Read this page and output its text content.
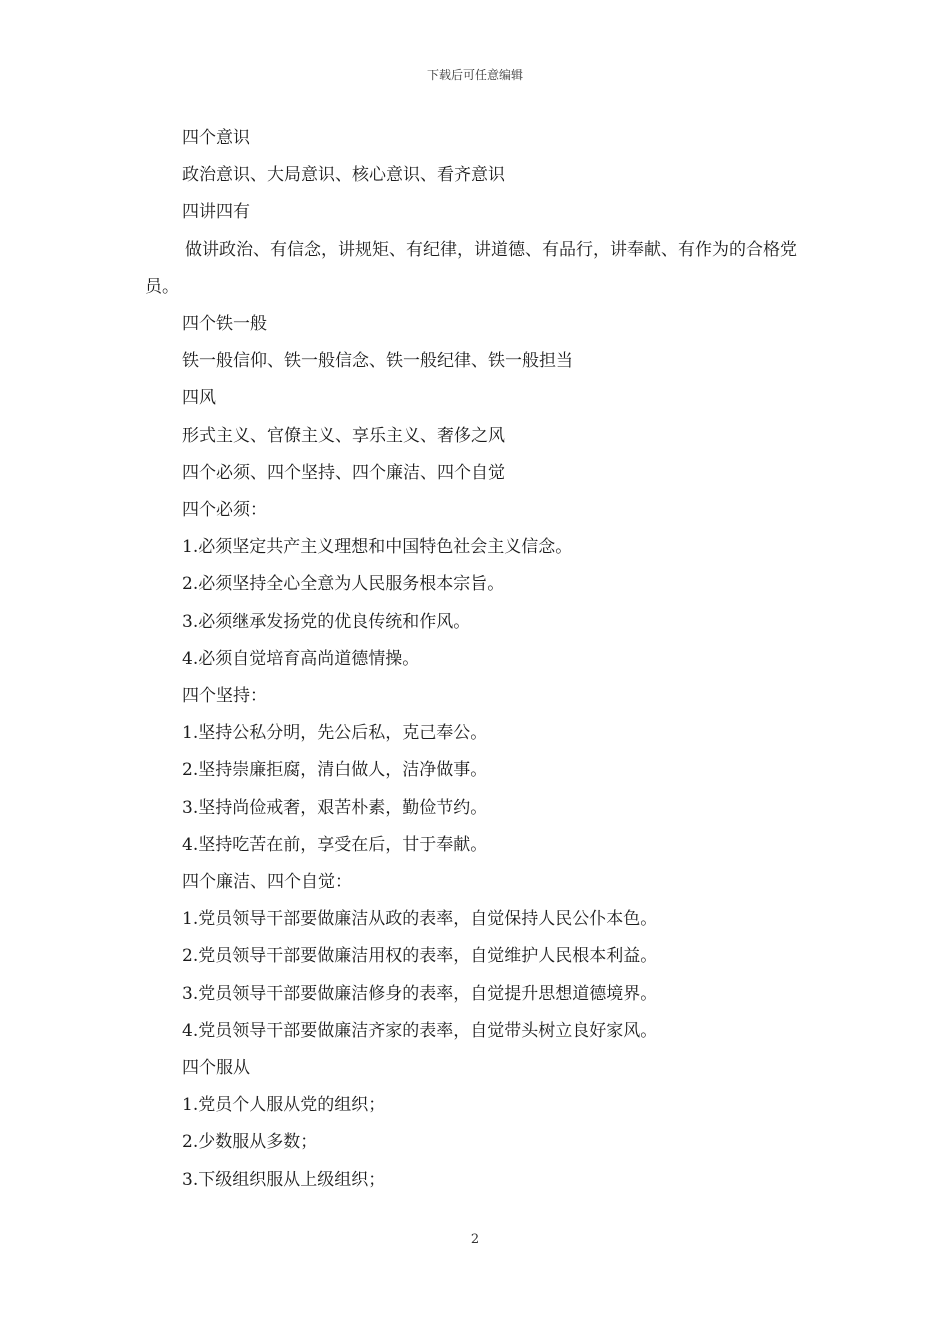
下载后可任意编辑
四个意识
政治意识、大局意识、核心意识、看齐意识
四讲四有
做讲政治、有信念，讲规矩、有纪律，讲道德、有品行，讲奉献、有作为的合格党员。
四个铁一般
铁一般信仰、铁一般信念、铁一般纪律、铁一般担当
四风
形式主义、官僚主义、享乐主义、奢侈之风
四个必须、四个坚持、四个廉洁、四个自觉
四个必须：
1.必须坚定共产主义理想和中国特色社会主义信念。
2.必须坚持全心全意为人民服务根本宗旨。
3.必须继承发扬党的优良传统和作风。
4.必须自觉培育高尚道德情操。
四个坚持：
1.坚持公私分明，先公后私，克己奉公。
2.坚持崇廉拒腐，清白做人，洁净做事。
3.坚持尚俭戒奢，艰苦朴素，勤俭节约。
4.坚持吃苦在前，享受在后，甘于奉献。
四个廉洁、四个自觉：
1.党员领导干部要做廉洁从政的表率，自觉保持人民公仆本色。
2.党员领导干部要做廉洁用权的表率，自觉维护人民根本利益。
3.党员领导干部要做廉洁修身的表率，自觉提升思想道德境界。
4.党员领导干部要做廉洁齐家的表率，自觉带头树立良好家风。
四个服从
1.党员个人服从党的组织；
2.少数服从多数；
3.下级组织服从上级组织；
2
